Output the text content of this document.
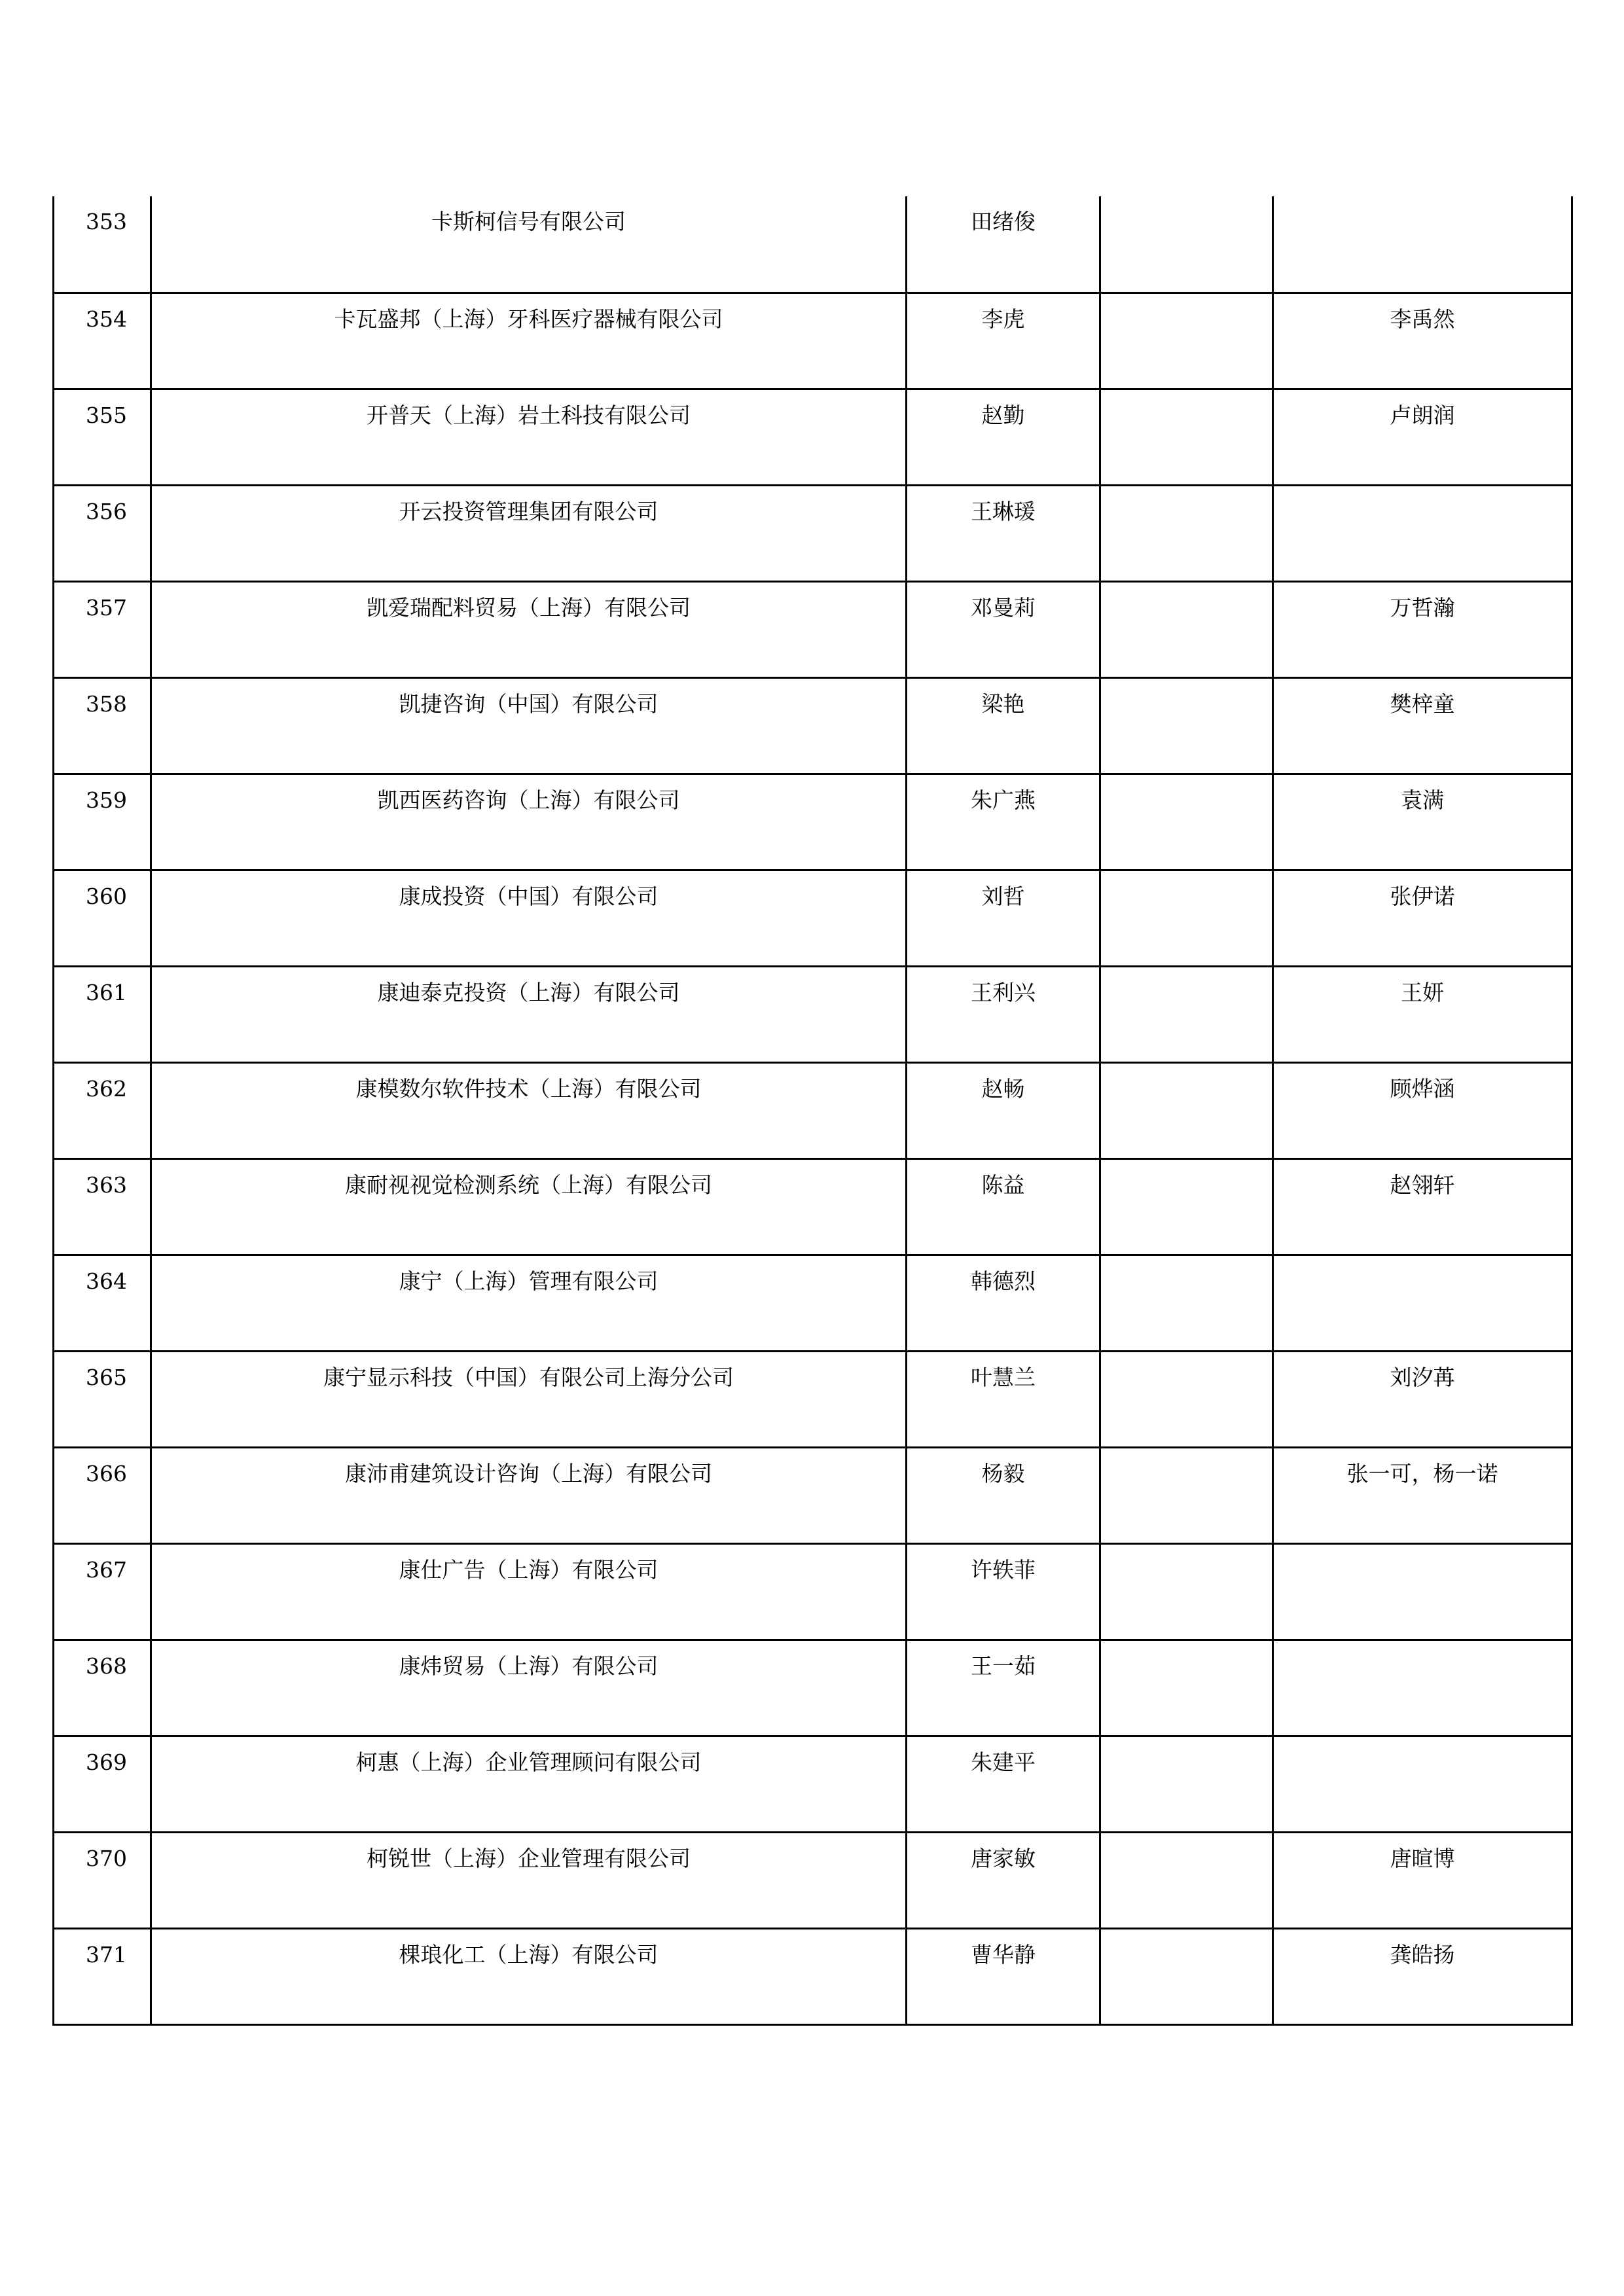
353	卡斯柯信号有限公司	田绪俊		

354	卡瓦盛邦（上海）牙科医疗器械有限公司	李虎		李禹然

355	开普天（上海）岩土科技有限公司	赵勤		卢朗润

356	开云投资管理集团有限公司	王琳瑗		

357	凯爱瑞配料贸易（上海）有限公司	邓曼莉		万哲瀚

358	凯捷咨询（中国）有限公司	梁艳		樊梓童

359	凯西医药咨询（上海）有限公司	朱广燕		袁满

360	康成投资（中国）有限公司	刘哲		张伊诺

361	康迪泰克投资（上海）有限公司	王利兴		王妍

362	康模数尔软件技术（上海）有限公司	赵畅		顾烨涵

363	康耐视视觉检测系统（上海）有限公司	陈益		赵翎轩

364	康宁（上海）管理有限公司	韩德烈		

365	康宁显示科技（中国）有限公司上海分公司	叶慧兰		刘汐苒

366	康沛甫建筑设计咨询（上海）有限公司	杨毅		张一可，杨一诺

367	康仕广告（上海）有限公司	许轶菲		

368	康炜贸易（上海）有限公司	王一茹		

369	柯惠（上海）企业管理顾问有限公司	朱建平		

370	柯锐世（上海）企业管理有限公司	唐家敏		唐暄博

371	棵琅化工（上海）有限公司	曹华静		龚皓扬
